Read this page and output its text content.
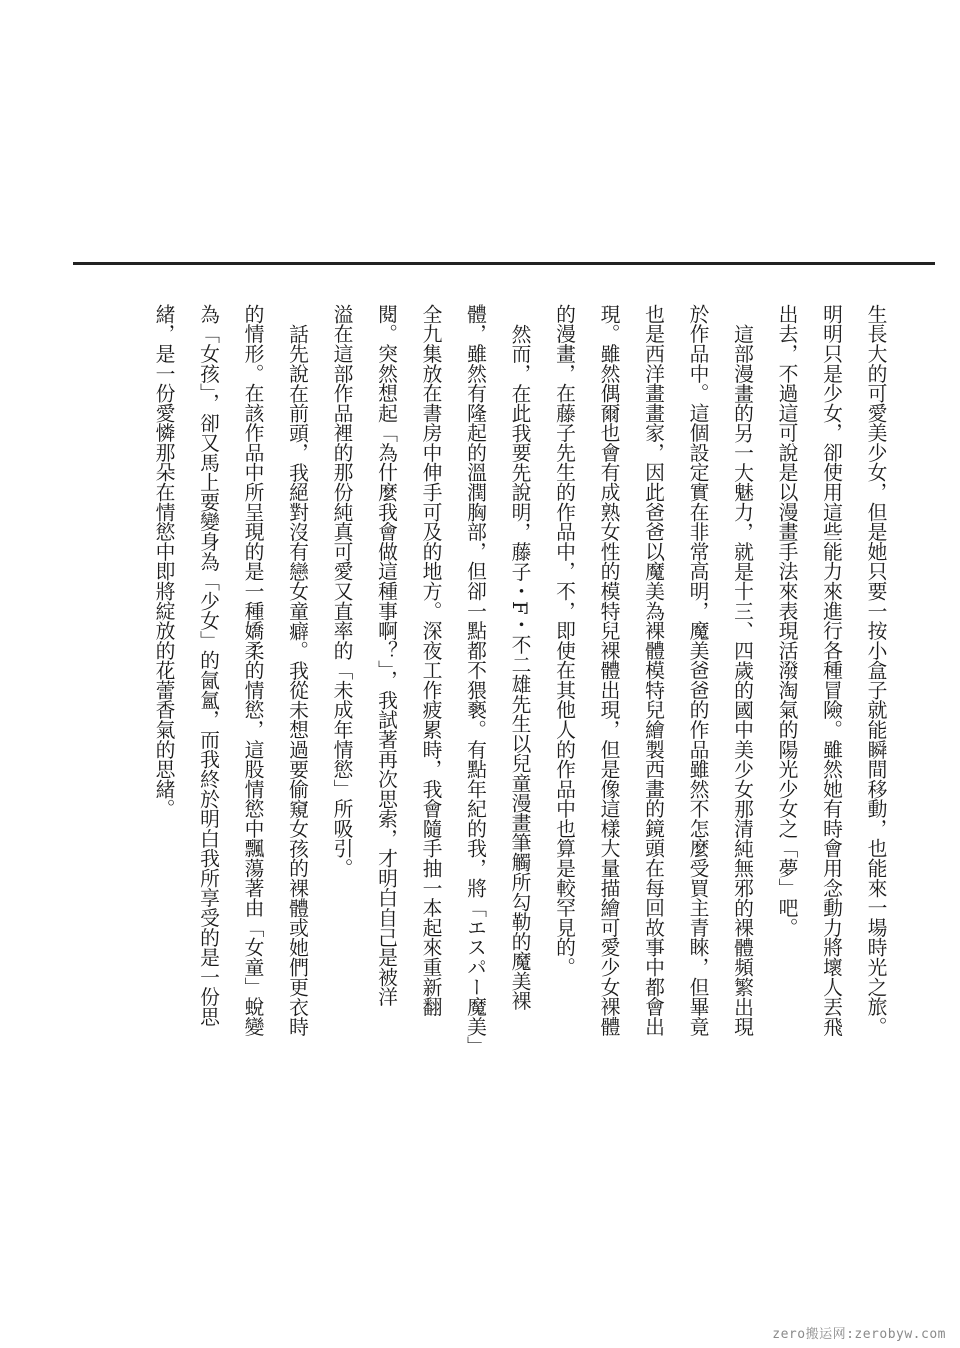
生長大的可愛美少女，但是她只要一按小盒子就能瞬間移動，也能來一場時光之旅。
明明只是少女，卻使用這些能力來進行各種冒險。雖然她有時會用念動力將壞人丟飛
出去，不過這可說是以漫畫手法來表現活潑淘氣的陽光少女之「夢」吧。
這部漫畫的另一大魅力，就是十三、四歲的國中美少女那清純無邪的裸體頻繁出現
於作品中。這個設定實在非常高明，魔美爸爸的作品雖然不怎麼受買主青睞，但畢竟
也是西洋畫畫家，因此爸爸以魔美為裸體模特兒繪製西畫的鏡頭在每回故事中都會出
現。雖然偶爾也會有成熟女性的模特兒裸體出現，但是像這樣大量描繪可愛少女裸體
的漫畫，在藤子先生的作品中，不，即使在其他人的作品中也算是較罕見的。
然而，在此我要先說明，藤子・F・不二雄先生以兒童漫畫筆觸所勾勒的魔美裸
體，雖然有隆起的溫潤胸部，但卻一點都不猥褻。有點年紀的我，將「エスパー魔美」
全九集放在書房中伸手可及的地方。深夜工作疲累時，我會隨手抽一本起來重新翻
閱。突然想起「為什麼我會做這種事啊？」，我試著再次思索，才明白自己是被洋
溢在這部作品裡的那份純真可愛又直率的「未成年情慾」所吸引。
話先說在前頭，我絕對沒有戀女童癖。我從未想過要偷窺女孩的裸體或她們更衣時
的情形。在該作品中所呈現的是一種嬌柔的情慾，這股情慾中飄蕩著由「女童」蛻變
為「女孩」，卻又馬上要變身為「少女」的氤氳，而我終於明白我所享受的是一份思
緒，是一份愛憐那朵在情慾中即將綻放的花蕾香氣的思緒。
zero搬运网:zerobyw.com
